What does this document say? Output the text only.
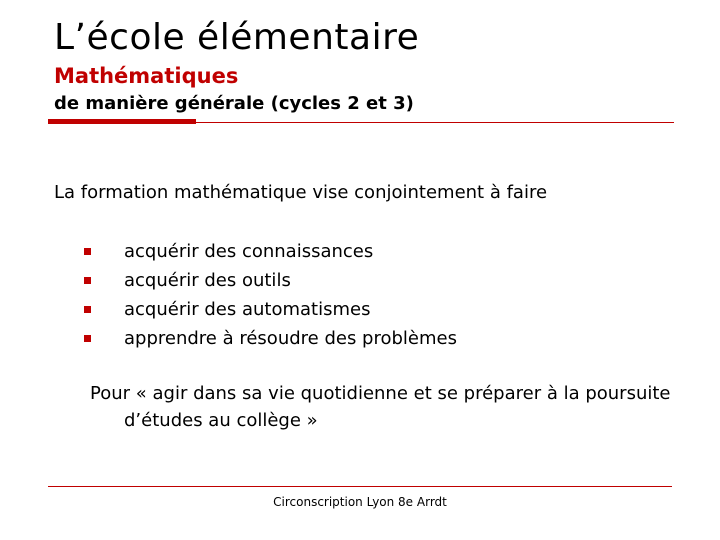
L’école élémentaire
Mathématiques
de manière générale (cycles 2 et 3)
La formation mathématique vise conjointement à faire
acquérir des connaissances
acquérir des outils
acquérir des automatismes
apprendre à résoudre des problèmes
Pour « agir dans sa vie quotidienne et se préparer à la poursuite d’études au collège »
Circonscription Lyon 8e Arrdt
